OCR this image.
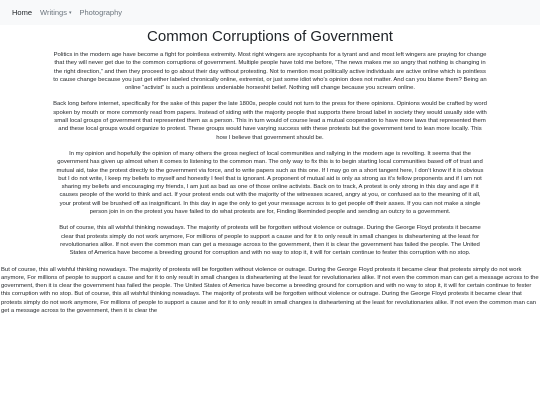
Home Writings ▾ Photography
Common Corruptions of Government

Politics in the modern age have become a fight for pointless extremity. Most right wingers are sycophants for a tyrant and and most left wingers are praying for change that they will never get due to the common corruptions of government. Multiple people have told me before, “The news makes me so angry that nothing is changing in the right direction,” and then they proceed to go about their day without protesting. Not to mention most politically active individuals are active online which is pointless to cause change because you just get either labeled chronically online, extremist, or just some idiot who’s opinion does not matter. And can you blame them? Being an online “activist” is such a pointless undeniable horseshit belief. Nothing will change because you scream online.

Back long before internet, specifically for the sake of this paper the late 1800s, people could not turn to the press for there opinions. Opinions would be crafted by word spoken by mouth or more commonly read from papers. Instead of siding with the majority people that supports there broad label in society they would usually side with small local groups of government that represented them as a person. This in turn would of course lead a mutual cooperation to have more laws that represented them and these local groups would organize to protest. These groups would have varying success with these protests but the government tend to lean more locally. This how I believe that government should be.

In my opinion and hopefully the opinion of many others the gross neglect of local communities and rallying in the modern age is revolting. It seems that the government has given up almost when it comes to listening to the common man. The only way to fix this is to begin starting local communities based off of trust and mutual aid, take the protest directly to the government via force, and to write papers such as this one. If I may go on a short tangent here, I don’t know if it is obvious but I do not write, I keep my beliefs to myself and honestly I feel that is ignorant. A proponent of mutual aid is only as strong as it’s fellow proponents and if I am not sharing my beliefs and encouraging my friends, I am just as bad as one of those online activists. Back on to track, A protest is only strong in this day and age if it causes people of the world to think and act. If your protest ends out with the majority of the witnesses scared, angry at you, or confused as to the meaning of it all, your protest will be brushed off as insignificant. In this day in age the only to get your message across is to get people off their asses. If you can not make a single person join in on the protest you have failed to do what protests are for, Finding likeminded people and sending an outcry to a government.

But of course, this all wishful thinking nowadays. The majority of protests will be forgotten without violence or outrage. During the George Floyd protests it became clear that protests simply do not work anymore, For millions of people to support a cause and for it to only result in small changes is disheartening at the least for revolutionaries alike. If not even the common man can get a message across to the government, then it is clear the government has failed the people. The United States of America have become a breeding ground for corruption and with no way to stop it, it will for certain continue to fester this corruption with no stop.

But of course, this all wishful thinking nowadays. The majority of protests will be forgotten without violence or outrage. During the George Floyd protests it became clear that protests simply do not work anymore, For millions of people to support a cause and for it to only result in small changes is disheartening at the least for revolutionaries alike. If not even the common man can get a message across to the government, then it is clear the government has failed the people. The United States of America have become a breeding ground for corruption and with no way to stop it, it will for certain continue to fester this corruption with no stop. But of course, this all wishful thinking nowadays. The majority of protests will be forgotten without violence or outrage. During the George Floyd protests it became clear that protests simply do not work anymore, For millions of people to support a cause and for it to only result in small changes is disheartening at the least for revolutionaries alike. If not even the common man can get a message across to the government, then it is clear the
